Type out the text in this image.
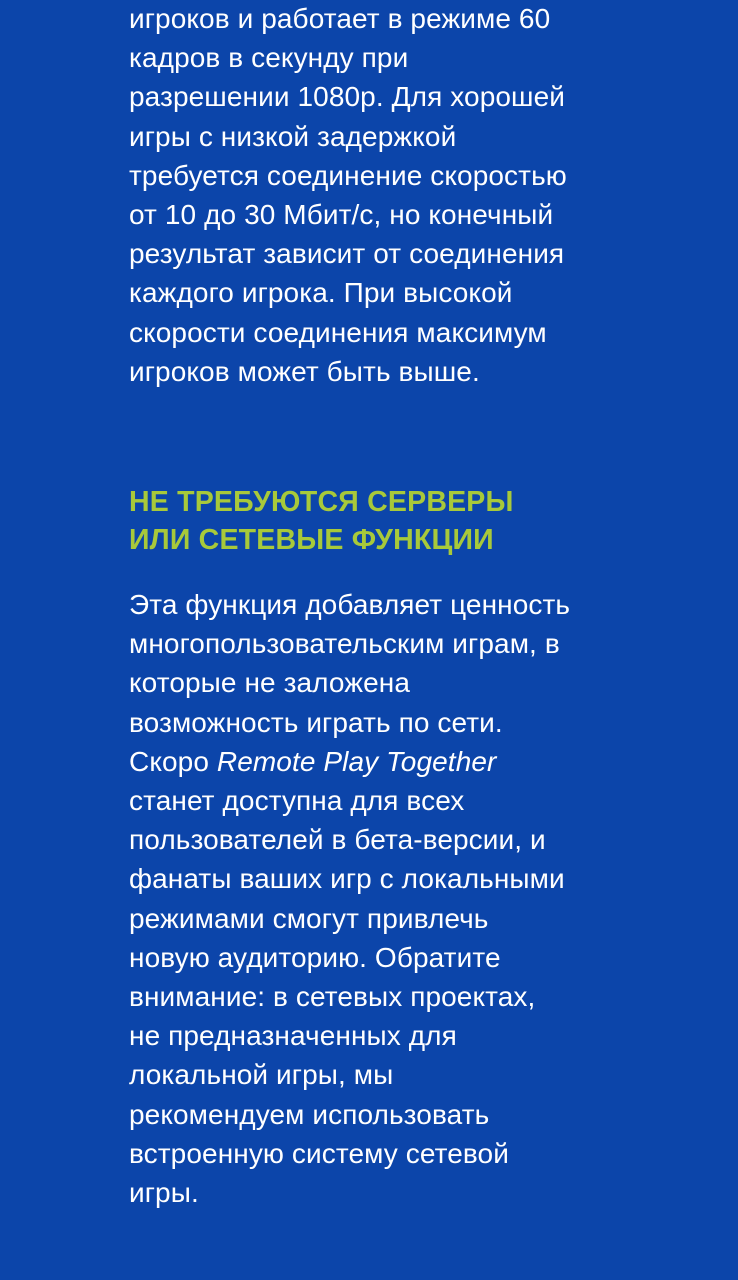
игроков и работает в режиме 60
кадров в секунду при
разрешении 1080p. Для хорошей
игры с низкой задержкой
требуется соединение скоростью
от 10 до 30 Мбит/с, но конечный
результат зависит от соединения
каждого игрока. При высокой
скорости соединения максимум
игроков может быть выше.
НЕ ТРЕБУЮТСЯ СЕРВЕРЫ
ИЛИ СЕТЕВЫЕ ФУНКЦИИ
Эта функция добавляет ценность
многопользовательским играм, в
которые не заложена
возможность играть по сети.
Скоро Remote Play Together
станет доступна для всех
пользователей в бета-версии, и
фанаты ваших игр с локальными
режимами смогут привлечь
новую аудиторию. Обратите
внимание: в сетевых проектах,
не предназначенных для
локальной игры, мы
рекомендуем использовать
встроенную систему сетевой
игры.
